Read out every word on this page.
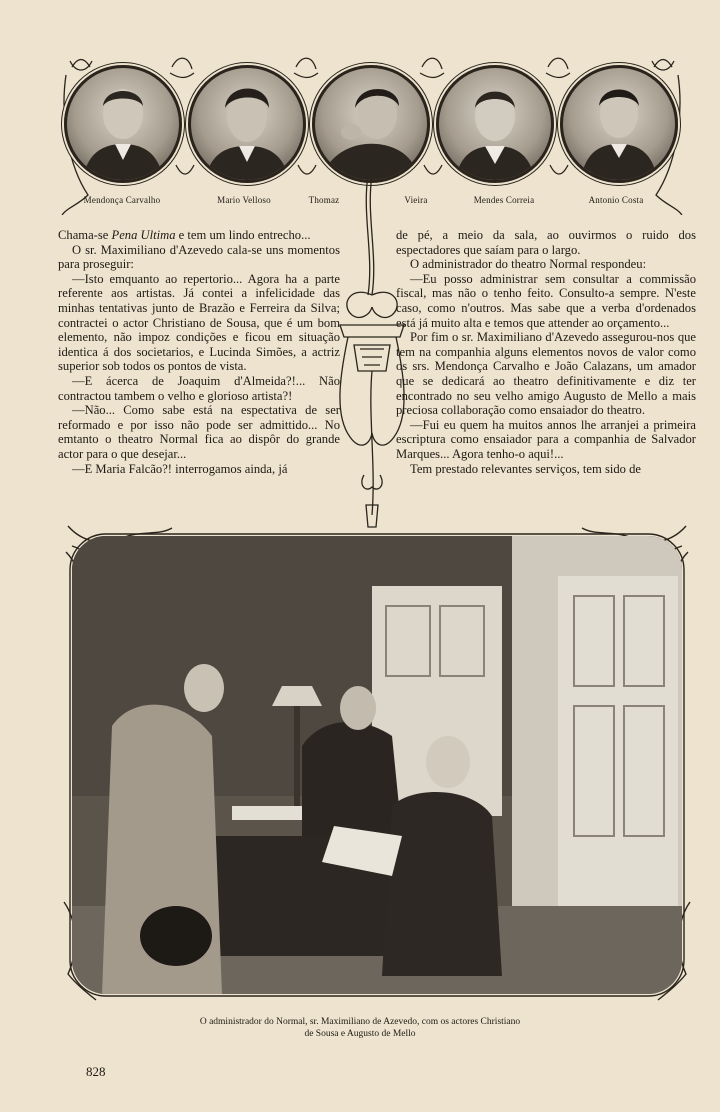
Mendonça Carvalho	Mario Velloso	Thomaz	Vieira	Mendes Correia	Antonio Costa

Chama-se Pena Ultima e tem um lindo entrecho...

O sr. Maximiliano d'Azevedo cala-se uns momentos para proseguir:

—Isto emquanto ao repertorio... Agora ha a parte referente aos artistas. Já contei a infelicidade das minhas tentativas junto de Brazão e Ferreira da Silva; contractei o actor Christiano de Sousa, que é um bom elemento, não impoz condições e ficou em situação identica á dos societarios, e Lucinda Simões, a actriz superior sob todos os pontos de vista.

—E ácerca de Joaquim d'Almeida?!... Não contractou tambem o velho e glorioso artista?!

—Não... Como sabe está na espectativa de ser reformado e por isso não pode ser admittido... No emtanto o theatro Normal fica ao dispôr do grande actor para o que desejar...

—E Maria Falcão?! interrogamos ainda, já

de pé, a meio da sala, ao ouvirmos o ruido dos espectadores que saíam para o largo.

O administrador do theatro Normal respondeu:

—Eu posso administrar sem consultar a commissão fiscal, mas não o tenho feito. Consulto-a sempre. N'este caso, como n'outros. Mas sabe que a verba d'ordenados está já muito alta e temos que attender ao orçamento...

Por fim o sr. Maximiliano d'Azevedo assegurou-nos que tem na companhia alguns elementos novos de valor como os srs. Mendonça Carvalho e João Calazans, um amador que se dedicará ao theatro definitivamente e diz ter encontrado no seu velho amigo Augusto de Mello a mais preciosa collaboração como ensaiador do theatro.

—Fui eu quem ha muitos annos lhe arranjei a primeira escriptura como ensaiador para a companhia de Salvador Marques... Agora tenho-o aqui!...

Tem prestado relevantes serviços, tem sido de

O administrador do Normal, sr. Maximiliano de Azevedo, com os actores Christiano
de Sousa e Augusto de Mello
828
